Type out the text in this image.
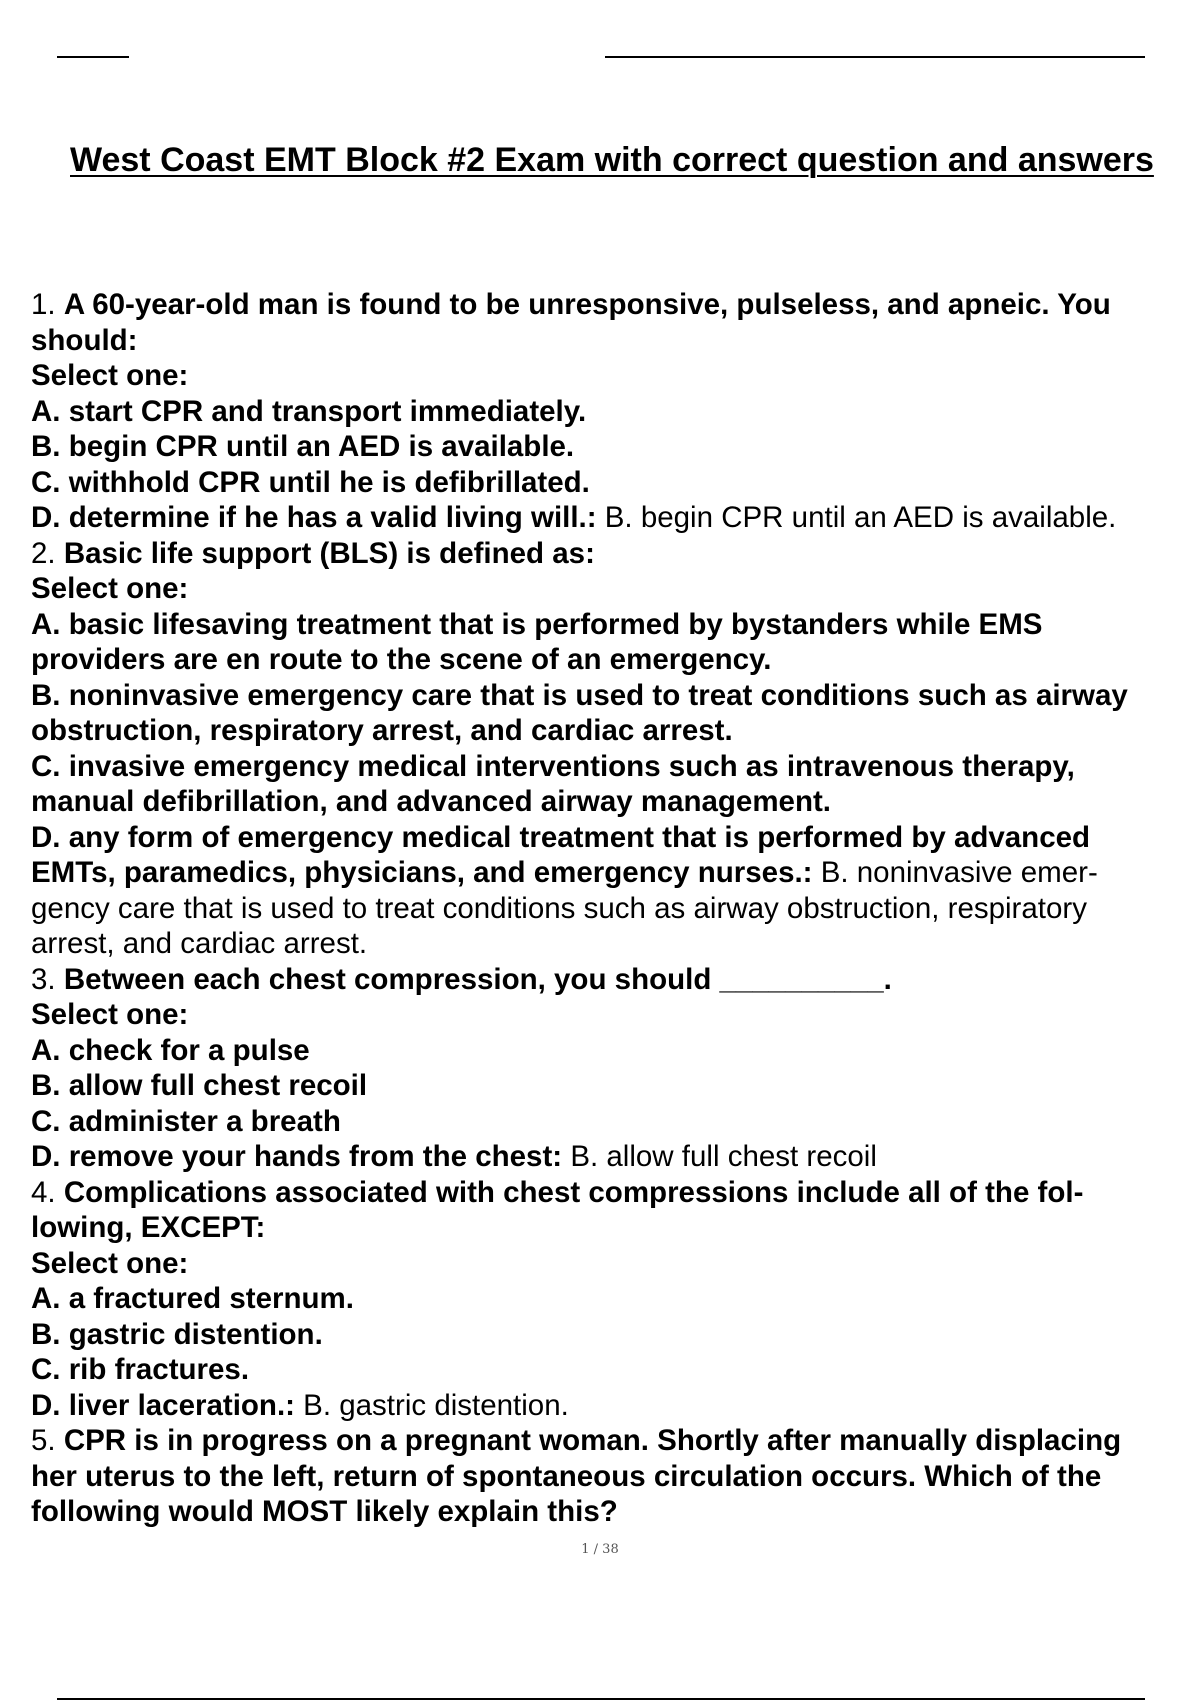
West Coast EMT Block #2 Exam with correct question and answers

1. A 60-year-old man is found to be unresponsive, pulseless, and apneic. You

should:

Select one:

A. start CPR and transport immediately.

B. begin CPR until an AED is available.

C. withhold CPR until he is defibrillated.

D. determine if he has a valid living will.: B. begin CPR until an AED is available.

2. Basic life support (BLS) is defined as:

Select one:

A. basic lifesaving treatment that is performed by bystanders while EMS

providers are en route to the scene of an emergency.

B. noninvasive emergency care that is used to treat conditions such as airway

obstruction, respiratory arrest, and cardiac arrest.

C. invasive emergency medical interventions such as intravenous therapy,

manual defibrillation, and advanced airway management.

D. any form of emergency medical treatment that is performed by advanced

EMTs, paramedics, physicians, and emergency nurses.: B. noninvasive emer-

gency care that is used to treat conditions such as airway obstruction, respiratory

arrest, and cardiac arrest.

3. Between each chest compression, you should __________.

Select one:

A. check for a pulse

B. allow full chest recoil

C. administer a breath

D. remove your hands from the chest: B. allow full chest recoil

4. Complications associated with chest compressions include all of the fol-

lowing, EXCEPT:

Select one:

A. a fractured sternum.

B. gastric distention.

C. rib fractures.

D. liver laceration.: B. gastric distention.

5. CPR is in progress on a pregnant woman. Shortly after manually displacing

her uterus to the left, return of spontaneous circulation occurs. Which of the

following would MOST likely explain this?

1 / 38
